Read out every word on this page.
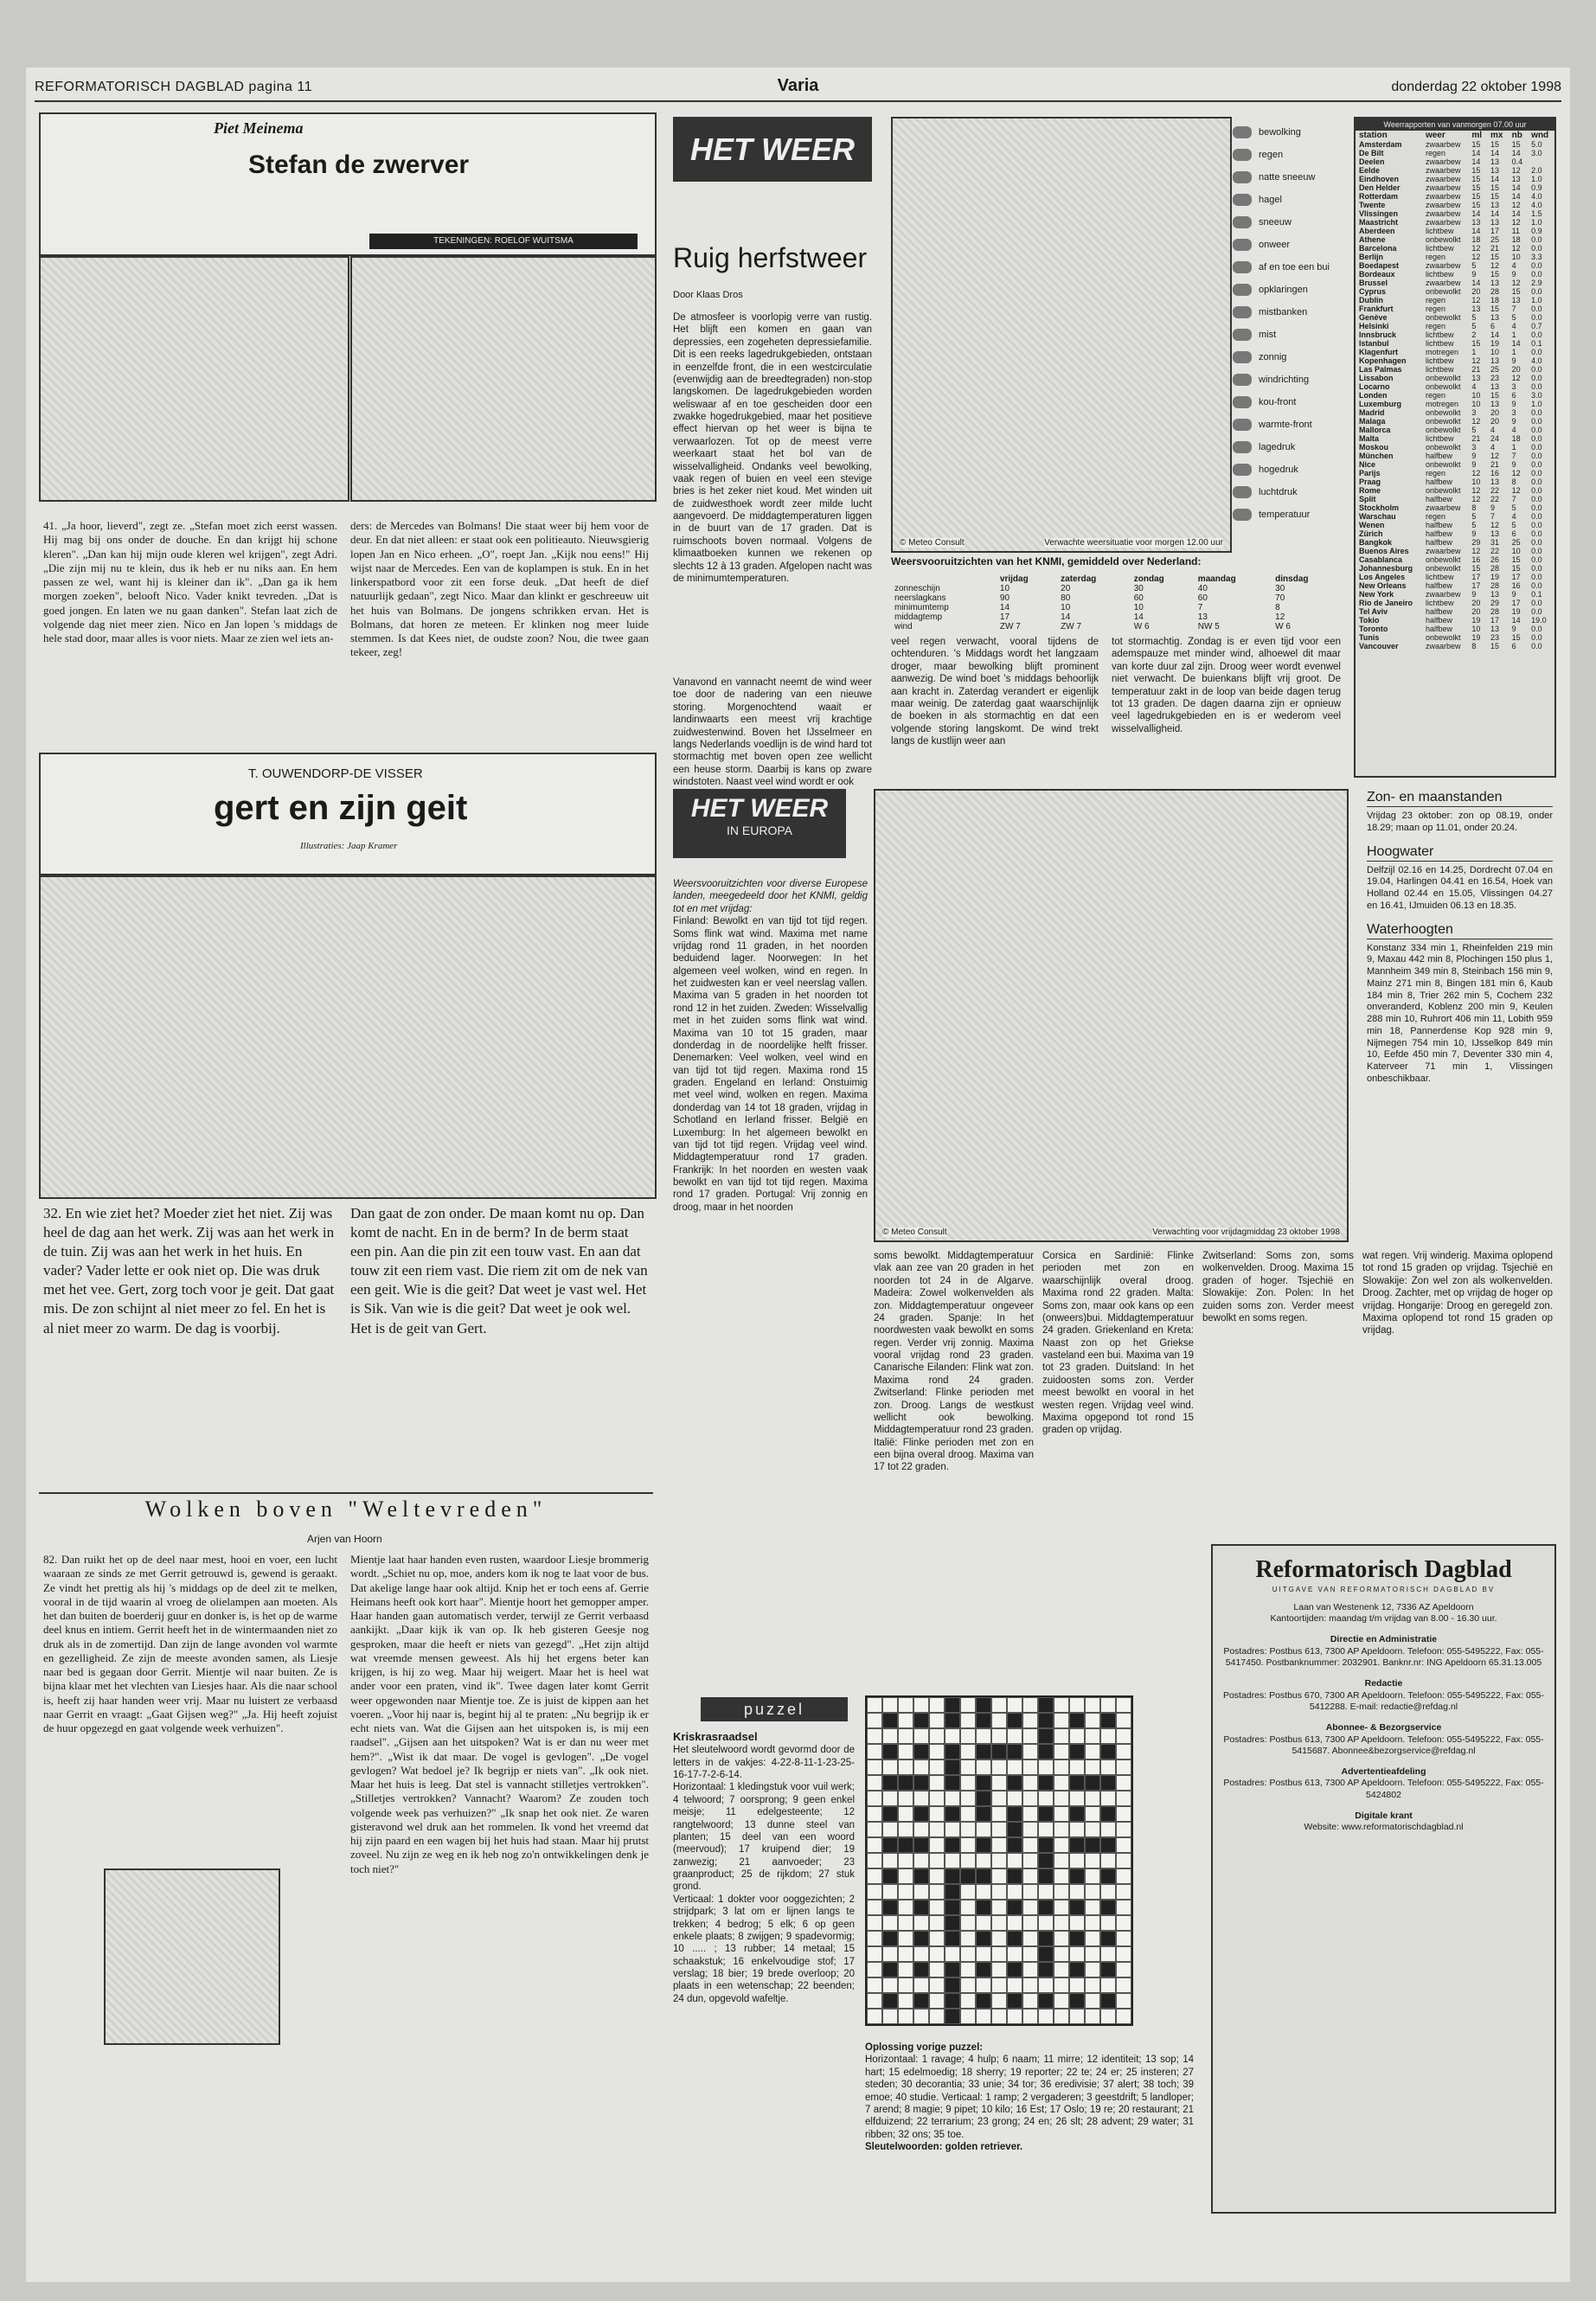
REFORMATORISCH DAGBLAD pagina 11	Varia	donderdag 22 oktober 1998
Piet Meinema
Stefan de zwerver
TEKENINGEN: ROELOF WUITSMA
41. „Ja hoor, lieverd", zegt ze. „Stefan moet zich eerst wassen. Hij mag bij ons onder de douche. En dan krijgt hij schone kleren". „Dan kan hij mijn oude kleren wel krijgen", zegt Adri. „Die zijn mij nu te klein, dus ik heb er nu niks aan. En hem passen ze wel, want hij is kleiner dan ik". „Dan ga ik hem morgen zoeken", belooft Nico. Vader knikt tevreden. „Dat is goed jongen. En laten we nu gaan danken". Stefan laat zich de volgende dag niet meer zien. Nico en Jan lopen 's middags de hele stad door, maar alles is voor niets. Maar ze zien wel iets an-
ders: de Mercedes van Bolmans! Die staat weer bij hem voor de deur. En dat niet alleen: er staat ook een politieauto. Nieuwsgierig lopen Jan en Nico erheen. „O", roept Jan. „Kijk nou eens!" Hij wijst naar de Mercedes. Een van de koplampen is stuk. En in het linkerspatbord voor zit een forse deuk. „Dat heeft de dief natuurlijk gedaan", zegt Nico. Maar dan klinkt er geschreeuw uit het huis van Bolmans. De jongens schrikken ervan. Het is Bolmans, dat horen ze meteen. Er klinken nog meer luide stemmen. Is dat Kees niet, de oudste zoon? Nou, die twee gaan tekeer, zeg!
T. OUWENDORP-DE VISSER
gert en zijn geit
Illustraties: Jaap Kramer
32. En wie ziet het? Moeder ziet het niet. Zij was heel de dag aan het werk. Zij was aan het werk in de tuin. Zij was aan het werk in het huis. En vader? Vader lette er ook niet op. Die was druk met het vee. Gert, zorg toch voor je geit. Dat gaat mis. De zon schijnt al niet meer zo fel. En het is al niet meer zo warm. De dag is voorbij.
Dan gaat de zon onder. De maan komt nu op. Dan komt de nacht. En in de berm? In de berm staat een pin. Aan die pin zit een touw vast. En aan dat touw zit een riem vast. Die riem zit om de nek van een geit. Wie is die geit? Dat weet je vast wel. Het is Sik. Van wie is die geit? Dat weet je ook wel. Het is de geit van Gert.
Wolken boven "Weltevreden"
Arjen van Hoorn
82. Dan ruikt het op de deel naar mest, hooi en voer, een lucht waaraan ze sinds ze met Gerrit getrouwd is, gewend is geraakt. Ze vindt het prettig als hij 's middags op de deel zit te melken, vooral in de tijd waarin al vroeg de olielampen aan moeten. Als het dan buiten de boerderij guur en donker is, is het op de warme deel knus en intiem. Gerrit heeft het in de wintermaanden niet zo druk als in de zomertijd. Dan zijn de lange avonden vol warmte en gezelligheid. Ze zijn de meeste avonden samen, als Liesje naar bed is gegaan door Gerrit. Mientje wil naar buiten. Ze is bijna klaar met het vlechten van Liesjes haar. Als die naar school is, heeft zij haar handen weer vrij. Maar nu luistert ze verbaasd naar Gerrit en vraagt: „Gaat Gijsen weg?" „Ja. Hij heeft zojuist de huur opgezegd en gaat volgende week verhuizen".
Mientje laat haar handen even rusten, waardoor Liesje brommerig wordt. „Schiet nu op, moe, anders kom ik nog te laat voor de bus. Dat akelige lange haar ook altijd. Knip het er toch eens af. Gerrie Heimans heeft ook kort haar". Mientje hoort het gemopper amper. Haar handen gaan automatisch verder, terwijl ze Gerrit verbaasd aankijkt. „Daar kijk ik van op. Ik heb gisteren Geesje nog gesproken, maar die heeft er niets van gezegd". „Het zijn altijd wat vreemde mensen geweest. Als hij het ergens beter kan krijgen, is hij zo weg. Maar hij weigert. Maar het is heel wat ander voor een praten, vind ik". Twee dagen later komt Gerrit weer opgewonden naar Mientje toe. Ze is juist de kippen aan het voeren. „Voor hij naar is, begint hij al te praten: „Nu begrijp ik er echt niets van. Wat die Gijsen aan het uitspoken is, is mij een raadsel". „Gijsen aan het uitspoken? Wat is er dan nu weer met hem?". „Wist ik dat maar. De vogel is gevlogen". „De vogel gevlogen? Wat bedoel je? Ik begrijp er niets van". „Ik ook niet. Maar het huis is leeg. Dat stel is vannacht stilletjes vertrokken". „Stilletjes vertrokken? Vannacht? Waarom? Ze zouden toch volgende week pas verhuizen?" „Ik snap het ook niet. Ze waren gisteravond wel druk aan het rommelen. Ik vond het vreemd dat hij zijn paard en een wagen bij het huis had staan. Maar hij prutst zoveel. Nu zijn ze weg en ik heb nog zo'n ontwikkelingen denk je toch niet?"
HET WEER
Ruig herfstweer
Door Klaas Dros
De atmosfeer is voorlopig verre van rustig. Het blijft een komen en gaan van depressies, een zogeheten depressiefamilie. Dit is een reeks lagedrukgebieden, ontstaan in eenzelfde front, die in een westcirculatie (evenwijdig aan de breedtegraden) non-stop langskomen. De lagedrukgebieden worden weliswaar af en toe gescheiden door een zwakke hogedrukgebied, maar het positieve effect hiervan op het weer is bijna te verwaarlozen. Tot op de meest verre weerkaart staat het bol van de wisselvalligheid. Ondanks veel bewolking, vaak regen of buien en veel een stevige bries is het zeker niet koud. Met winden uit de zuidwesthoek wordt zeer milde lucht aangevoerd. De middagtemperaturen liggen in de buurt van de 17 graden. Dat is ruimschoots boven normaal. Volgens de klimaatboeken kunnen we rekenen op slechts 12 à 13 graden. Afgelopen nacht was de minimumtemperaturen.
© Meteo Consult	Verwachte weersituatie voor morgen 12.00 uur
bewolking
regen
natte sneeuw
hagel
sneeuw
onweer
af en toe een bui
opklaringen
mistbanken
mist
zonnig
windrichting
kou-front
warmte-front
lagedruk
hogedruk
luchtdruk
temperatuur
Weersvooruitzichten van het KNMI, gemiddeld over Nederland:
	vrijdag	zaterdag	zondag	maandag	dinsdag
zonneschijn	10	20	30	40	30
neerslagkans	90	80	60	60	70
minimumtemp	14	10	10	7	8
middagtemp	17	14	14	13	12
wind	ZW 7	ZW 7	W 6	NW 5	W 6
veel regen verwacht, vooral tijdens de ochtenduren. 's Middags wordt het langzaam droger, maar bewolking blijft prominent aanwezig. De wind boet 's middags behoorlijk aan kracht in. Zaterdag verandert er eigenlijk maar weinig. De zaterdag gaat waarschijnlijk de boeken in als stormachtig en dat een volgende storing langskomt. De wind trekt langs de kustlijn weer aan
tot stormachtig. Zondag is er even tijd voor een ademspauze met minder wind, alhoewel dit maar van korte duur zal zijn. Droog weer wordt evenwel niet verwacht. De buienkans blijft vrij groot. De temperatuur zakt in de loop van beide dagen terug tot 13 graden. De dagen daarna zijn er opnieuw veel lagedrukgebieden en is er wederom veel wisselvalligheid.
Vanavond en vannacht neemt de wind weer toe door de nadering van een nieuwe storing. Morgenochtend waait er landinwaarts een meest vrij krachtige zuidwestenwind. Boven het IJsselmeer en langs Nederlands voedlijn is de wind hard tot stormachtig met boven open zee wellicht een heuse storm. Daarbij is kans op zware windstoten. Naast veel wind wordt er ook
Weerrapporten van vanmorgen 07.00 uur
station	weer	ml	mx	nb	wnd
Amsterdam	zwaarbew	15	15	15	5.0
De Bilt	regen	14	14	14	3.0
Deelen	zwaarbew	14	13	0.4	
Eelde	zwaarbew	15	13	12	2.0
Eindhoven	zwaarbew	15	14	13	1.0
Den Helder	zwaarbew	15	15	14	0.9
Rotterdam	zwaarbew	15	15	14	4.0
Twente	zwaarbew	15	13	12	4.0
Vlissingen	zwaarbew	14	14	14	1.5
Maastricht	zwaarbew	13	13	12	1.0
Aberdeen	lichtbew	14	17	11	0.9
Athene	onbewolkt	18	25	18	0.0
Barcelona	lichtbew	12	21	12	0.0
Berlijn	regen	12	15	10	3.3
Boedapest	zwaarbew	5	12	4	0.0
Bordeaux	lichtbew	9	15	9	0.0
Brussel	zwaarbew	14	13	12	2.9
Cyprus	onbewolkt	20	28	15	0.0
Dublin	regen	12	18	13	1.0
Frankfurt	regen	13	15	7	0.0
Genève	onbewolkt	5	13	5	0.0
Helsinki	regen	5	6	4	0.7
Innsbruck	lichtbew	2	14	1	0.0
Istanbul	lichtbew	15	19	14	0.1
Klagenfurt	motregen	1	10	1	0.0
Kopenhagen	lichtbew	12	13	9	4.0
Las Palmas	lichtbew	21	25	20	0.0
Lissabon	onbewolkt	13	23	12	0.0
Locarno	onbewolkt	4	13	3	0.0
Londen	regen	10	15	6	3.0
Luxemburg	motregen	10	13	9	1.0
Madrid	onbewolkt	3	20	3	0.0
Malaga	onbewolkt	12	20	9	0.0
Mallorca	onbewolkt	5	4	4	0.0
Malta	lichtbew	21	24	18	0.0
Moskou	onbewolkt	3	4	1	0.0
München	halfbew	9	12	7	0.0
Nice	onbewolkt	9	21	9	0.0
Parijs	regen	12	16	12	0.0
Praag	halfbew	10	13	8	0.0
Rome	onbewolkt	12	22	12	0.0
Split	halfbew	12	22	7	0.0
Stockholm	zwaarbew	8	9	5	0.0
Warschau	regen	5	7	4	0.0
Wenen	halfbew	5	12	5	0.0
Zürich	halfbew	9	13	6	0.0
Bangkok	halfbew	29	31	25	0.0
Buenos Aires	zwaarbew	12	22	10	0.0
Casablanca	onbewolkt	16	26	15	0.0
Johannesburg	onbewolkt	15	28	15	0.0
Los Angeles	lichtbew	17	19	17	0.0
New Orleans	halfbew	17	28	16	0.0
New York	zwaarbew	9	13	9	0.1
Rio de Janeiro	lichtbew	20	29	17	0.0
Tel Aviv	halfbew	20	28	19	0.0
Tokio	halfbew	19	17	14	19.0
Toronto	halfbew	10	13	9	0.0
Tunis	onbewolkt	19	23	15	0.0
Vancouver	zwaarbew	8	15	6	0.0
HET WEER
IN EUROPA
Weersvooruitzichten voor diverse Europese landen, meegedeeld door het KNMI, geldig tot en met vrijdag:
Finland: Bewolkt en van tijd tot tijd regen. Soms flink wat wind. Maxima met name vrijdag rond 11 graden, in het noorden beduidend lager. Noorwegen: In het algemeen veel wolken, wind en regen. In het zuidwesten kan er veel neerslag vallen. Maxima van 5 graden in het noorden tot rond 12 in het zuiden. Zweden: Wisselvallig met in het zuiden soms flink wat wind. Maxima van 10 tot 15 graden, maar donderdag in de noordelijke helft frisser. Denemarken: Veel wolken, veel wind en van tijd tot tijd regen. Maxima rond 15 graden. Engeland en Ierland: Onstuimig met veel wind, wolken en regen. Maxima donderdag van 14 tot 18 graden, vrijdag in Schotland en Ierland frisser. België en Luxemburg: In het algemeen bewolkt en van tijd tot tijd regen. Vrijdag veel wind. Middagtemperatuur rond 17 graden. Frankrijk: In het noorden en westen vaak bewolkt en van tijd tot tijd regen. Maxima rond 17 graden. Portugal: Vrij zonnig en droog, maar in het noorden
© Meteo Consult	Verwachting voor vrijdagmiddag 23 oktober 1998
soms bewolkt. Middagtemperatuur vlak aan zee van 20 graden in het noorden tot 24 in de Algarve. Madeira: Zowel wolkenvelden als zon. Middagtemperatuur ongeveer 24 graden. Spanje: In het noordwesten vaak bewolkt en soms regen. Verder vrij zonnig. Maxima vooral vrijdag rond 23 graden. Canarische Eilanden: Flink wat zon. Maxima rond 24 graden. Zwitserland: Flinke perioden met zon. Droog. Langs de westkust wellicht ook bewolking. Middagtemperatuur rond 23 graden. Italië: Flinke perioden met zon en een bijna overal droog. Maxima van 17 tot 22 graden.
Corsica en Sardinië: Flinke perioden met zon en waarschijnlijk overal droog. Maxima rond 22 graden. Malta: Soms zon, maar ook kans op een (onweers)bui. Middagtemperatuur 24 graden. Griekenland en Kreta: Naast zon op het Griekse vasteland een bui. Maxima van 19 tot 23 graden. Duitsland: In het zuidoosten soms zon. Verder meest bewolkt en vooral in het westen regen. Vrijdag veel wind. Maxima opgepond tot rond 15 graden op vrijdag.
Zwitserland: Soms zon, soms wolkenvelden. Droog. Maxima 15 graden of hoger. Tsjechië en Slowakije: Zon. Polen: In het zuiden soms zon. Verder meest bewolkt en soms regen.
wat regen. Vrij winderig. Maxima oplopend tot rond 15 graden op vrijdag. Tsjechië en Slowakije: Zon wel zon als wolkenvelden. Droog. Zachter, met op vrijdag de hoger op vrijdag. Hongarije: Droog en geregeld zon. Maxima oplopend tot rond 15 graden op vrijdag.
Zon- en maanstanden
Vrijdag 23 oktober: zon op 08.19, onder 18.29; maan op 11.01, onder 20.24.
Hoogwater
Delfzijl 02.16 en 14.25, Dordrecht 07.04 en 19.04, Harlingen 04.41 en 16.54, Hoek van Holland 02.44 en 15.05, Vlissingen 04.27 en 16.41, IJmuiden 06.13 en 18.35.
Waterhoogten
Konstanz 334 min 1, Rheinfelden 219 min 9, Maxau 442 min 8, Plochingen 150 plus 1, Mannheim 349 min 8, Steinbach 156 min 9, Mainz 271 min 8, Bingen 181 min 6, Kaub 184 min 8, Trier 262 min 5, Cochem 232 onveranderd, Koblenz 200 min 9, Keulen 288 min 10, Ruhrort 406 min 11, Lobith 959 min 18, Pannerdense Kop 928 min 9, Nijmegen 754 min 10, IJsselkop 849 min 10, Eefde 450 min 7, Deventer 330 min 4, Katerveer 71 min 1, Vlissingen onbeschikbaar.
puzzel
Kriskrasraadsel
Het sleutelwoord wordt gevormd door de letters in de vakjes: 4-22-8-11-1-23-25-16-17-7-2-6-14.
Horizontaal: 1 kledingstuk voor vuil werk; 4 telwoord; 7 oorsprong; 9 geen enkel meisje; 11 edelgesteente; 12 rangtelwoord; 13 dunne steel van planten; 15 deel van een woord (meervoud); 17 kruipend dier; 19 zanwezig; 21 aanvoeder; 23 graanproduct; 25 de rijkdom; 27 stuk grond.
Verticaal: 1 dokter voor ooggezichten; 2 strijdpark; 3 lat om er lijnen langs te trekken; 4 bedrog; 5 elk; 6 op geen enkele plaats; 8 zwijgen; 9 spadevormig; 10 ..... ; 13 rubber; 14 metaal; 15 schaakstuk; 16 enkelvoudige stof; 17 verslag; 18 bier; 19 brede overloop; 20 plaats in een wetenschap; 22 beenden; 24 dun, opgevold wafeltje.
Oplossing vorige puzzel:
Horizontaal: 1 ravage; 4 hulp; 6 naam; 11 mirre; 12 identiteit; 13 sop; 14 hart; 15 edelmoedig; 18 sherry; 19 reporter; 22 te; 24 er; 25 insteren; 27 steden; 30 decorantia; 33 unie; 34 tor; 36 eredivisie; 37 alert; 38 toch; 39 emoe; 40 studie. Verticaal: 1 ramp; 2 vergaderen; 3 geestdrift; 5 landloper; 7 arend; 8 magie; 9 pipet; 10 kilo; 16 Est; 17 Oslo; 19 re; 20 restaurant; 21 elfduizend; 22 terrarium; 23 grong; 24 en; 26 slt; 28 advent; 29 water; 31 ribben; 32 ons; 35 toe.
Sleutelwoorden: golden retriever.
Reformatorisch Dagblad
UITGAVE VAN REFORMATORISCH DAGBLAD BV
Laan van Westenenk 12, 7336 AZ Apeldoorn
Kantoortijden: maandag t/m vrijdag van 8.00 - 16.30 uur.
Directie en Administratie
Postadres: Postbus 613, 7300 AP Apeldoorn. Telefoon: 055-5495222, Fax: 055-5417450. Postbanknummer: 2032901. Banknr.nr: ING Apeldoorn 65.31.13.005
Redactie
Postadres: Postbus 670, 7300 AR Apeldoorn. Telefoon: 055-5495222, Fax: 055-5412288. E-mail: redactie@refdag.nl
Abonnee- & Bezorgservice
Postadres: Postbus 613, 7300 AP Apeldoorn. Telefoon: 055-5495222, Fax: 055-5415687. Abonnee&bezorgservice@refdag.nl
Advertentieafdeling
Postadres: Postbus 613, 7300 AP Apeldoorn. Telefoon: 055-5495222, Fax: 055-5424802
Digitale krant
Website: www.reformatorischdagblad.nl
